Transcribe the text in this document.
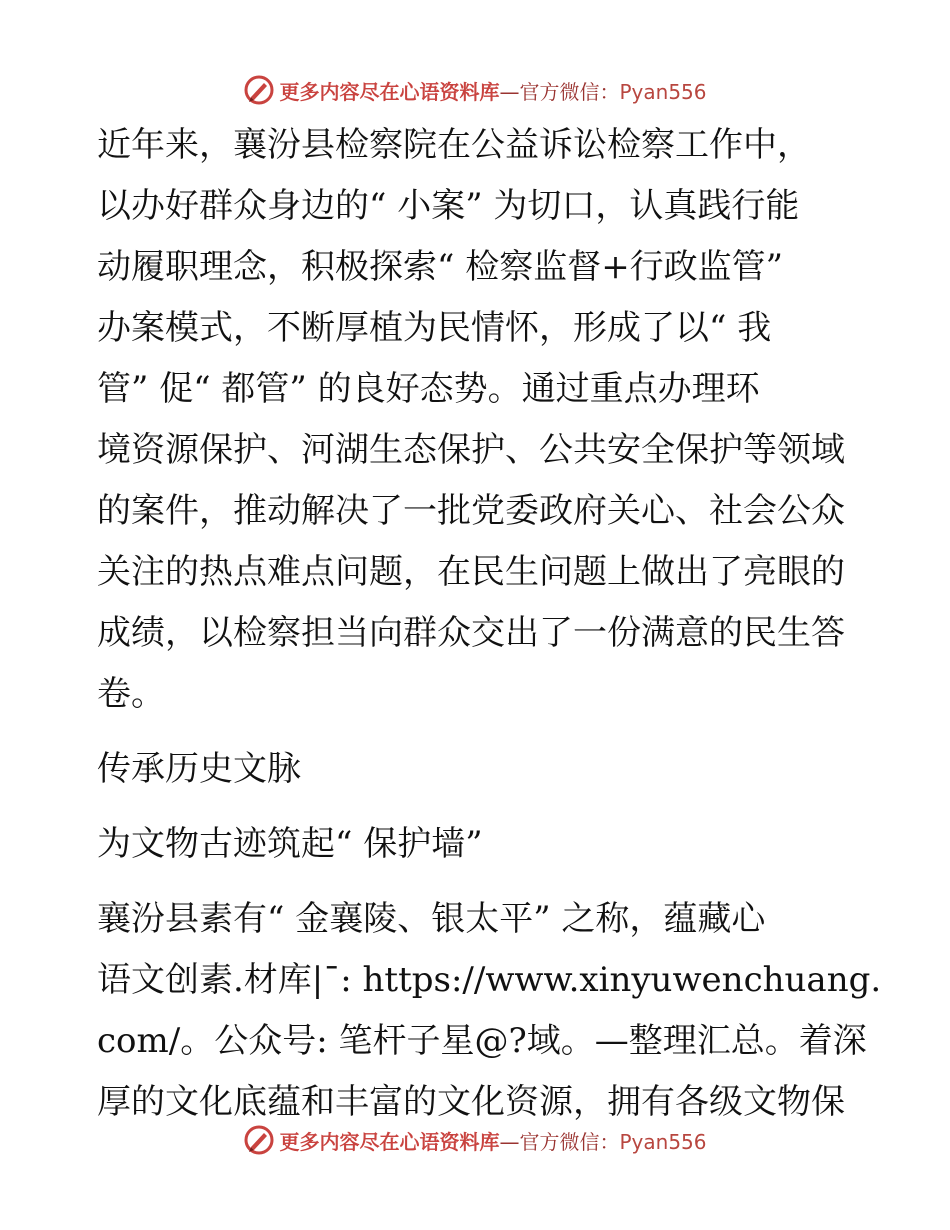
更多内容尽在心语资料库—官方微信：Pyan556

近年来，襄汾县检察院在公益诉讼检察工作中，
以办好群众身边的“ 小案” 为切口，认真践行能
动履职理念，积极探索“ 检察监督+行政监管”
办案模式，不断厚植为民情怀，形成了以“ 我
管” 促“ 都管” 的良好态势。通过重点办理环
境资源保护、河湖生态保护、公共安全保护等领域
的案件，推动解决了一批党委政府关心、社会公众
关注的热点难点问题，在民生问题上做出了亮眼的
成绩，以检察担当向群众交出了一份满意的民生答
卷。

传承历史文脉

为文物古迹筑起“ 保护墙”

襄汾县素有“ 金襄陵、银太平” 之称，蕴藏心
语文创素.材库|¯: https://www.xinyuwenchuang.
com/。公众号: 笔杆子星@?域。—整理汇总。着深
厚的文化底蕴和丰富的文化资源，拥有各级文物保

更多内容尽在心语资料库—官方微信：Pyan556
